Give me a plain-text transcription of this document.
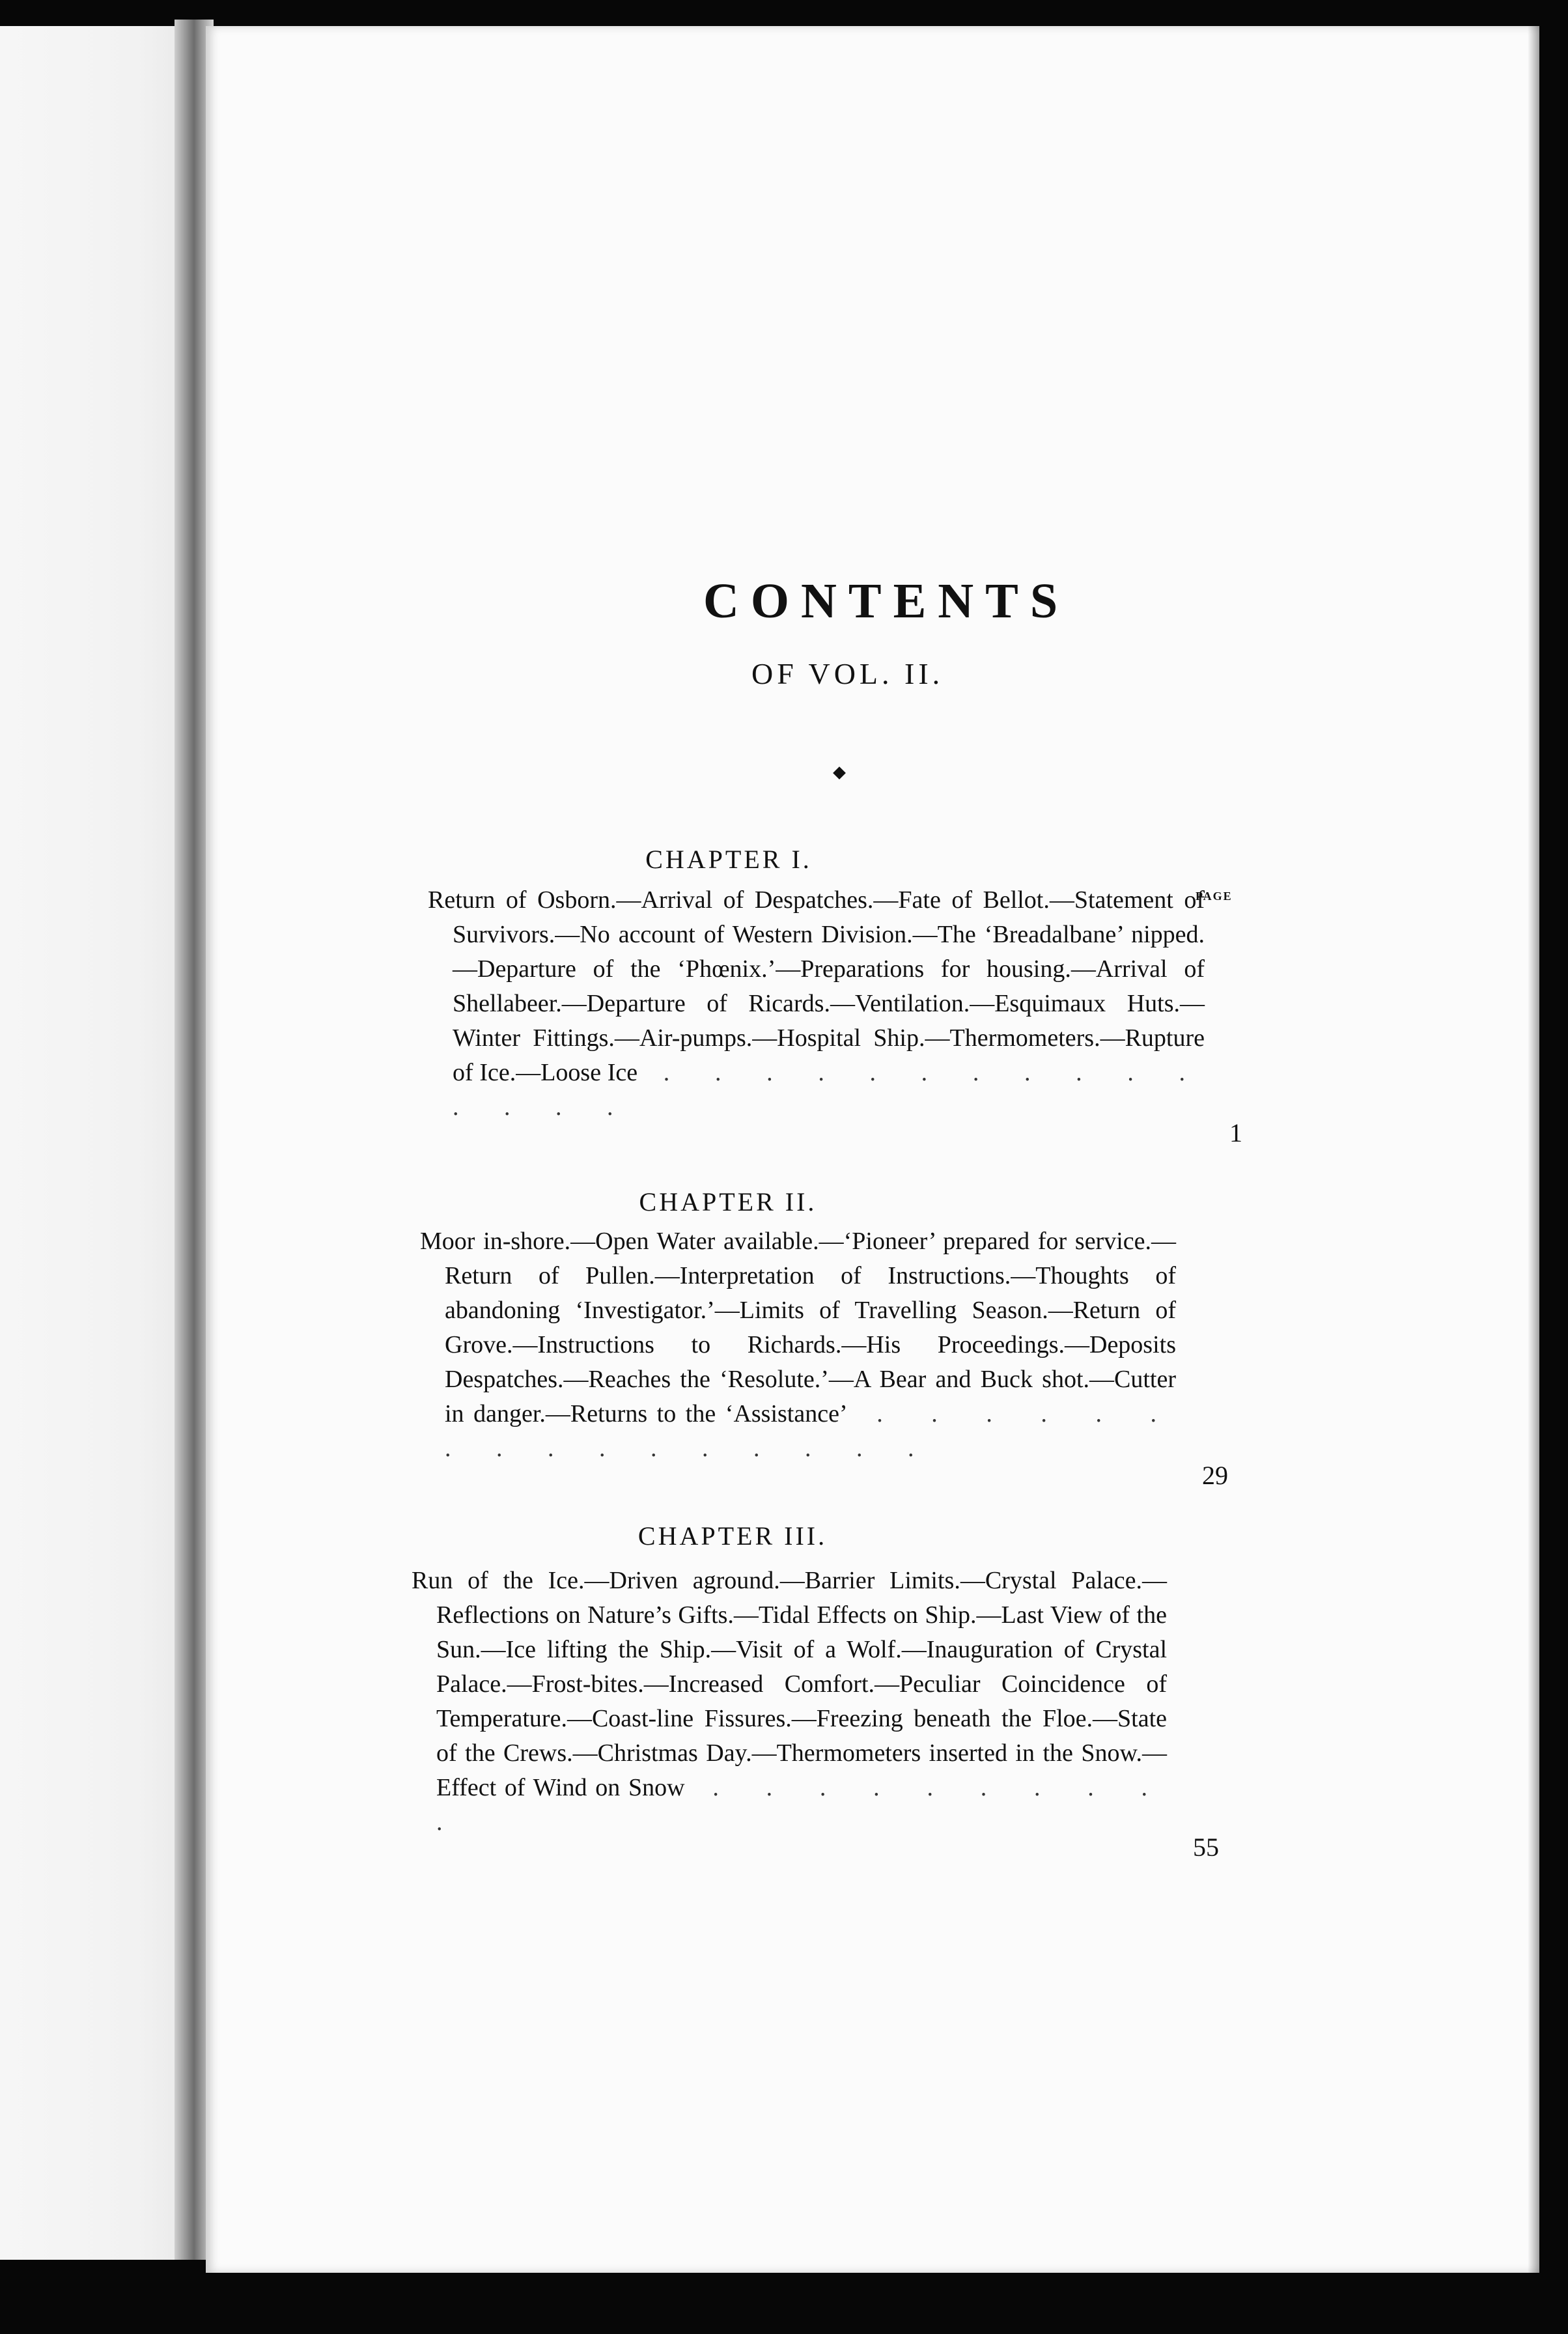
CONTENTS
OF VOL. II.
PAGE
CHAPTER I.
Return of Osborn.—Arrival of Despatches.—Fate of Bellot.—Statement of Survivors.—No account of Western Division.—The ‘Breadalbane’ nipped.—Departure of the ‘Phœnix.’—Preparations for housing.—Arrival of Shellabeer.—Departure of Ricards.—Ventilation.—Esquimaux Huts.—Winter Fittings.—Air-pumps.—Hospital Ship.—Thermometers.—Rupture of Ice.—Loose Ice . . . . . . . . . . . . . . .
1
CHAPTER II.
Moor in-shore.—Open Water available.—‘Pioneer’ prepared for service.—Return of Pullen.—Interpretation of Instructions.—Thoughts of abandoning ‘Investigator.’—Limits of Travelling Season.—Return of Grove.—Instructions to Richards.—His Proceedings.—Deposits Despatches.—Reaches the ‘Resolute.’—A Bear and Buck shot.—Cutter in danger.—Returns to the ‘Assistance’ . . . . . . . . . . . . . . . .
29
CHAPTER III.
Run of the Ice.—Driven aground.—Barrier Limits.—Crystal Palace.—Reflections on Nature’s Gifts.—Tidal Effects on Ship.—Last View of the Sun.—Ice lifting the Ship.—Visit of a Wolf.—Inauguration of Crystal Palace.—Frost-bites.—Increased Comfort.—Peculiar Coincidence of Temperature.—Coast-line Fissures.—Freezing beneath the Floe.—State of the Crews.—Christmas Day.—Thermometers inserted in the Snow.—Effect of Wind on Snow . . . . . . . . . .
55
